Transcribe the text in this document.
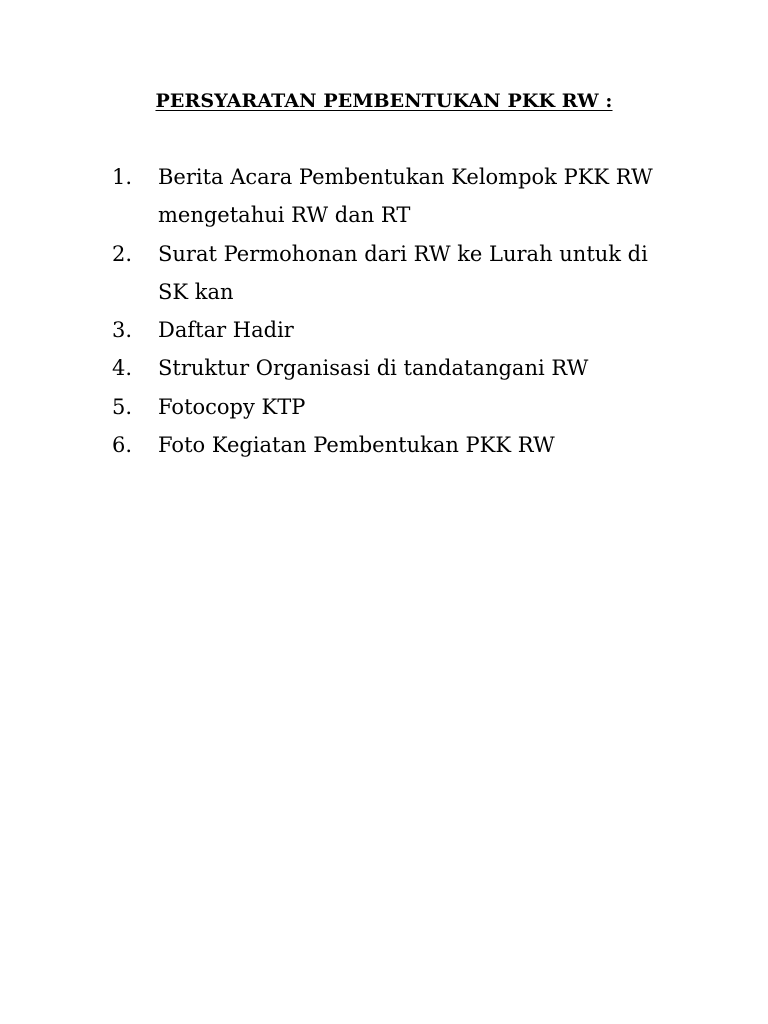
PERSYARATAN PEMBENTUKAN PKK RW :
1.	Berita Acara Pembentukan Kelompok PKK RW mengetahui RW dan RT
2.	Surat Permohonan dari RW ke Lurah untuk di SK kan
3.	Daftar Hadir
4.	Struktur Organisasi di tandatangani RW
5.	Fotocopy KTP
6.	Foto Kegiatan Pembentukan PKK RW
